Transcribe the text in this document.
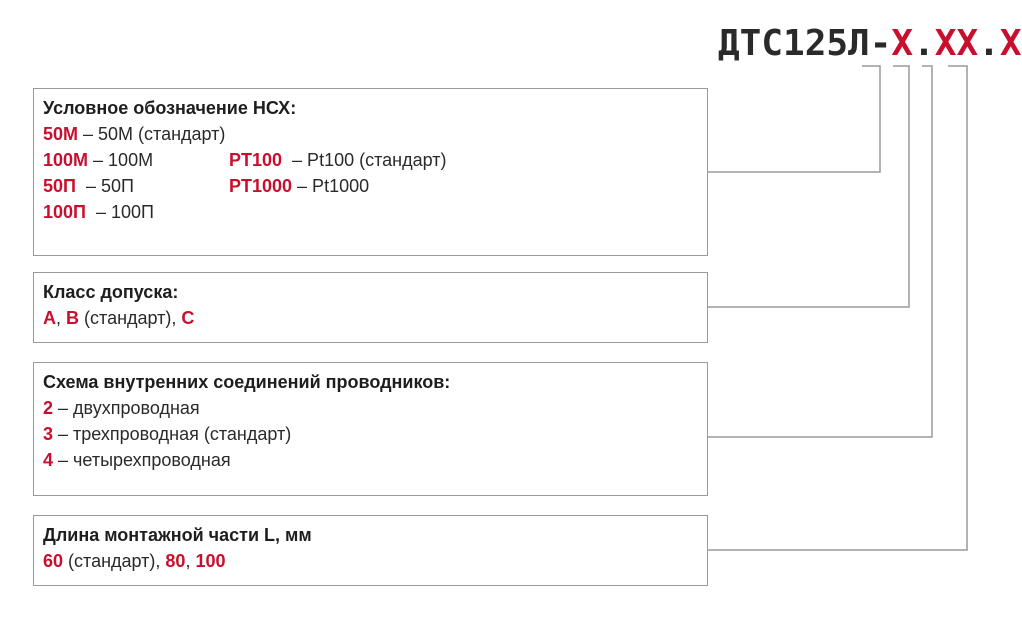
ДТС125Л-X.XX.X
Условное обозначение НСХ:
50M – 50M (стандарт)
100M – 100M	PT100  – Pt100 (стандарт)
50П  – 50П	PT1000 – Pt1000
100П  – 100П
Класс допуска:
A, B (стандарт), C
Схема внутренних соединений проводников:
2 – двухпроводная
3 – трехпроводная (стандарт)
4 – четырехпроводная
Длина монтажной части L, мм
60 (стандарт), 80, 100
